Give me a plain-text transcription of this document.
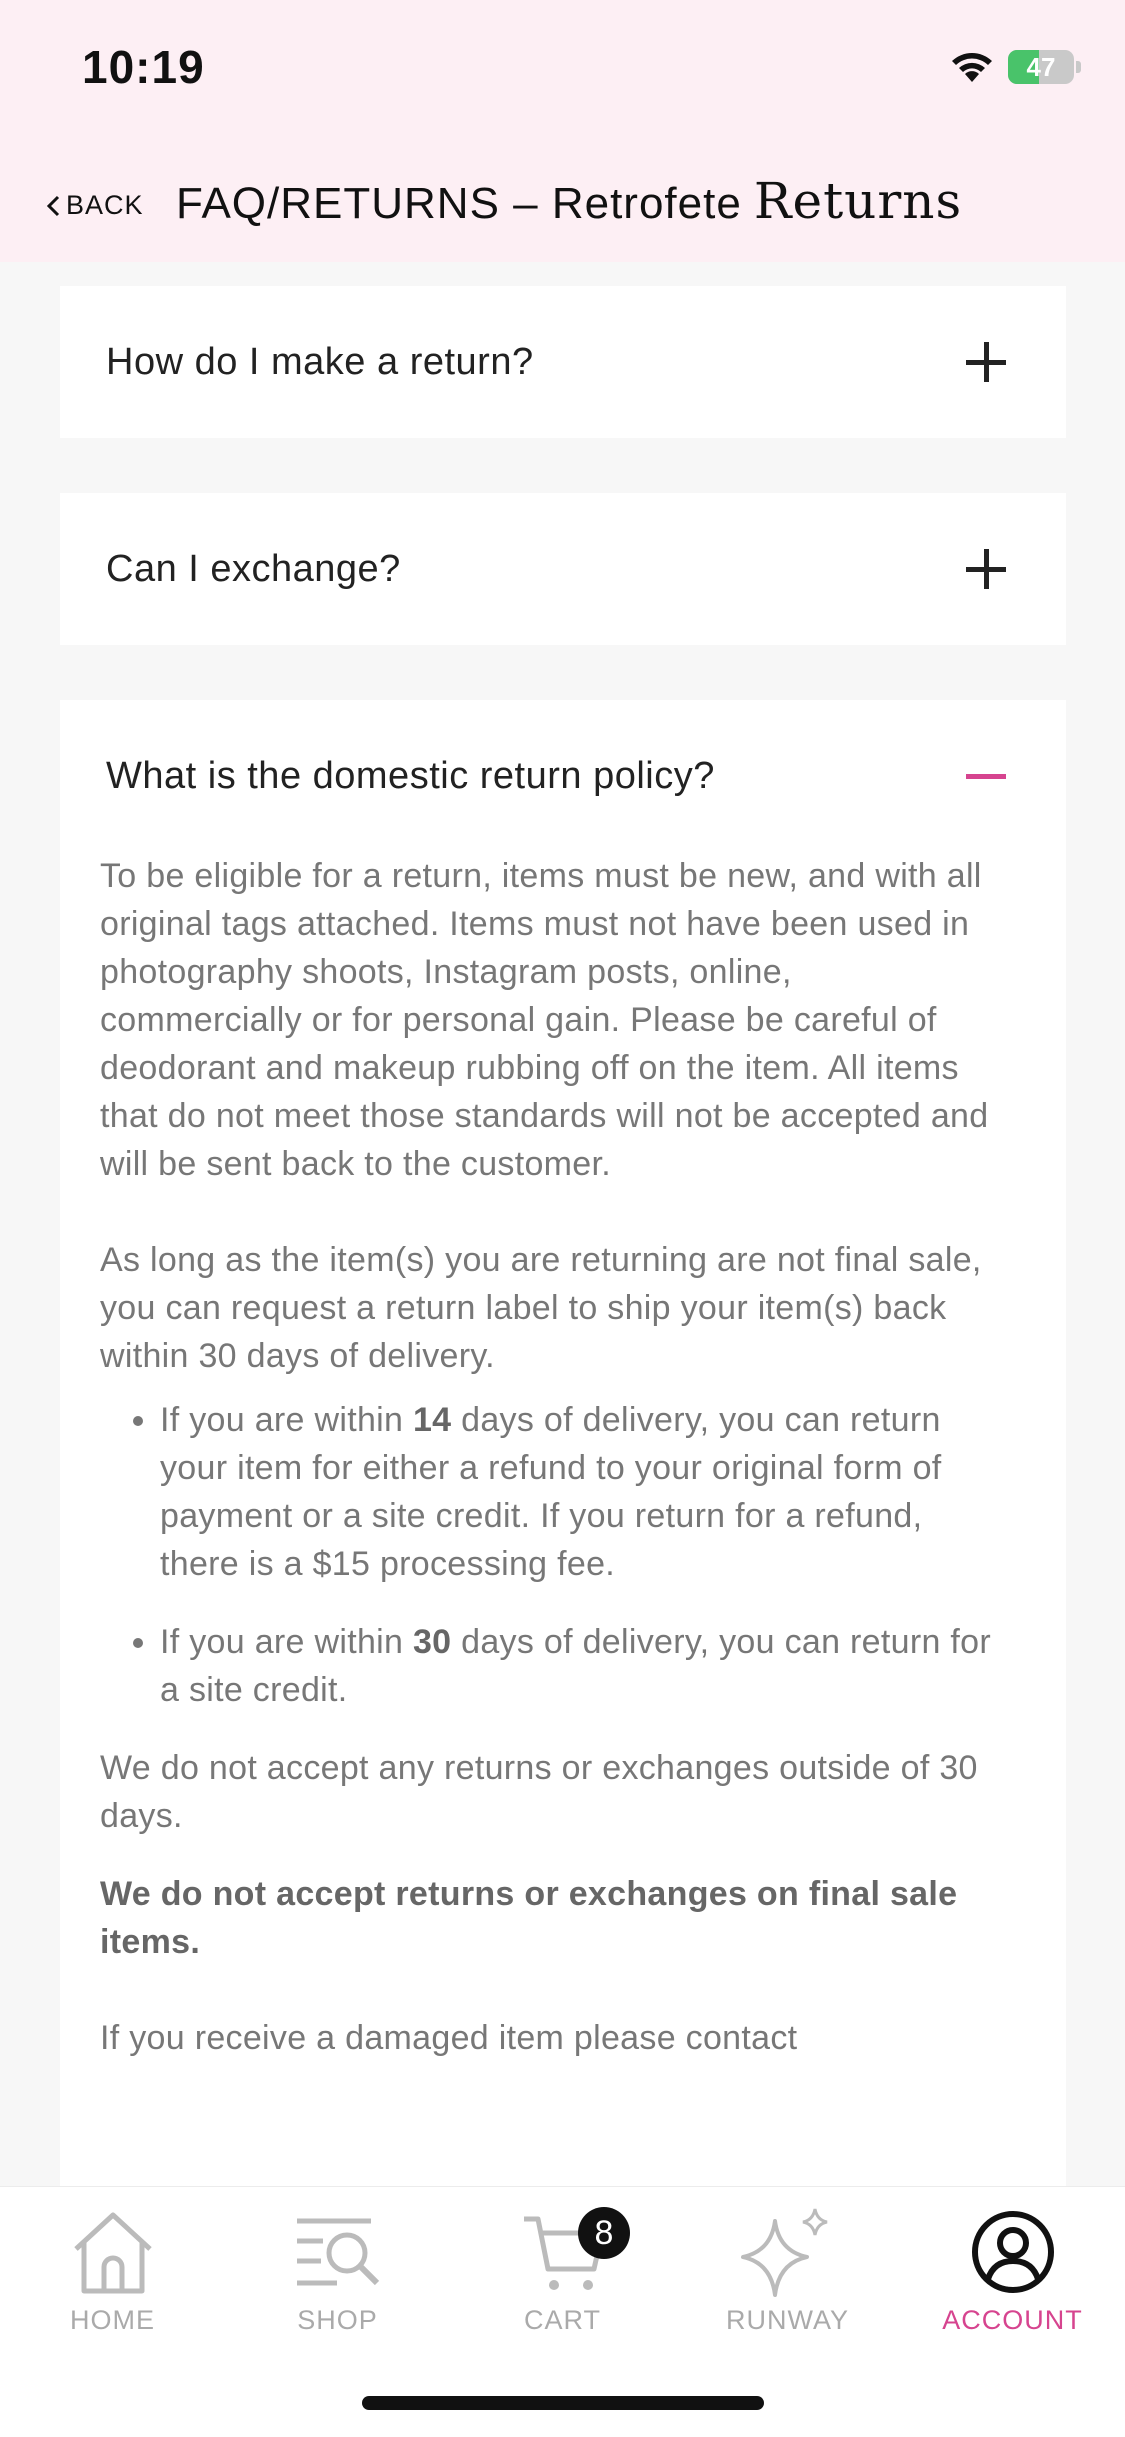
10:19	47
BACK FAQ/RETURNS – Retrofete Returns
How do I make a return?
Can I exchange?
What is the domestic return policy?

To be eligible for a return, items must be new, and with all original tags attached. Items must not have been used in photography shoots, Instagram posts, online, commercially or for personal gain. Please be careful of deodorant and makeup rubbing off on the item. All items that do not meet those standards will not be accepted and will be sent back to the customer.

As long as the item(s) you are returning are not final sale, you can request a return label to ship your item(s) back within 30 days of delivery.

• If you are within 14 days of delivery, you can return your item for either a refund to your original form of payment or a site credit. If you return for a refund, there is a $15 processing fee.
• If you are within 30 days of delivery, you can return for a site credit.

We do not accept any returns or exchanges outside of 30 days.

We do not accept returns or exchanges on final sale items.

If you receive a damaged item please contact

HOME	SHOP
8
CART	RUNWAY	ACCOUNT
